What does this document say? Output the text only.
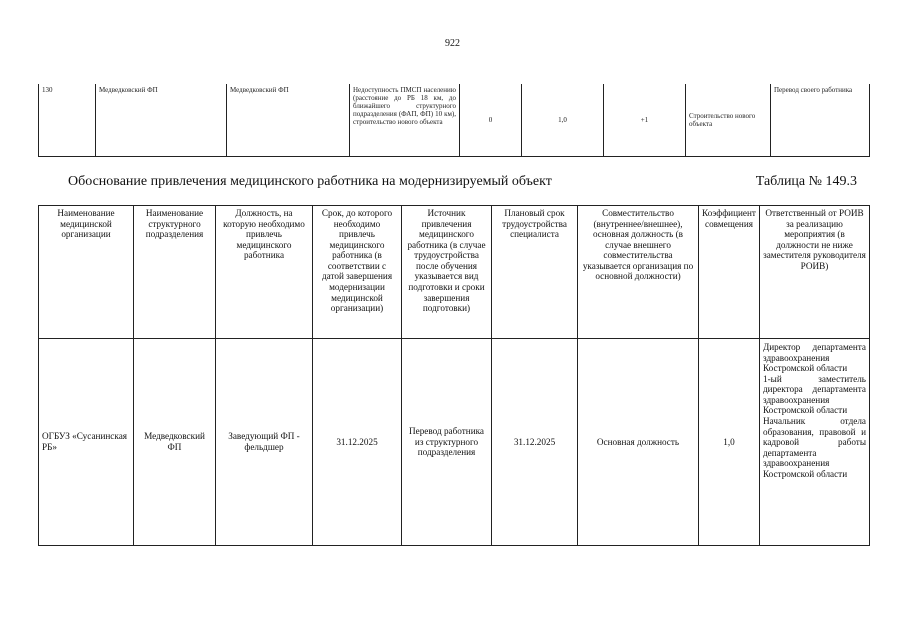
922
130	Медведковский ФП	Медведковский ФП	Недоступность ПМСП населению (расстояние до РБ 18 км, до ближайшего структурного подразделения (ФАП, ФП) 10 км), строительство нового объекта	0	1,0	+1	Строительство нового объекта	Перевод своего работника
Обоснование привлечения медицинского работника на модернизируемый объект	Таблица № 149.3
Наименование медицинской организации	Наименование структурного подразделения	Должность, на которую необходимо привлечь медицинского работника	Срок, до которого необходимо привлечь медицинского работника (в соответствии с датой завершения модернизации медицинской организации)	Источник привлечения медицинского работника (в случае трудоустройства после обучения указывается вид подготовки и сроки завершения подготовки)	Плановый срок трудоустройства специалиста	Совместительство (внутреннее/внешнее), основная должность (в случае внешнего совместительства указывается организация по основной должности)	Коэффициент совмещения	Ответственный от РОИВ за реализацию мероприятия (в должности не ниже заместителя руководителя РОИВ)
ОГБУЗ «Сусанинская РБ»	Медведковский ФП	Заведующий ФП - фельдшер	31.12.2025	Перевод работника из структурного подразделения	31.12.2025	Основная должность	1,0	Директор департамента здравоохранения Костромской области
1-ый заместитель директора департамента здравоохранения Костромской области
Начальник отдела образования, правовой и кадровой работы департамента здравоохранения Костромской области
